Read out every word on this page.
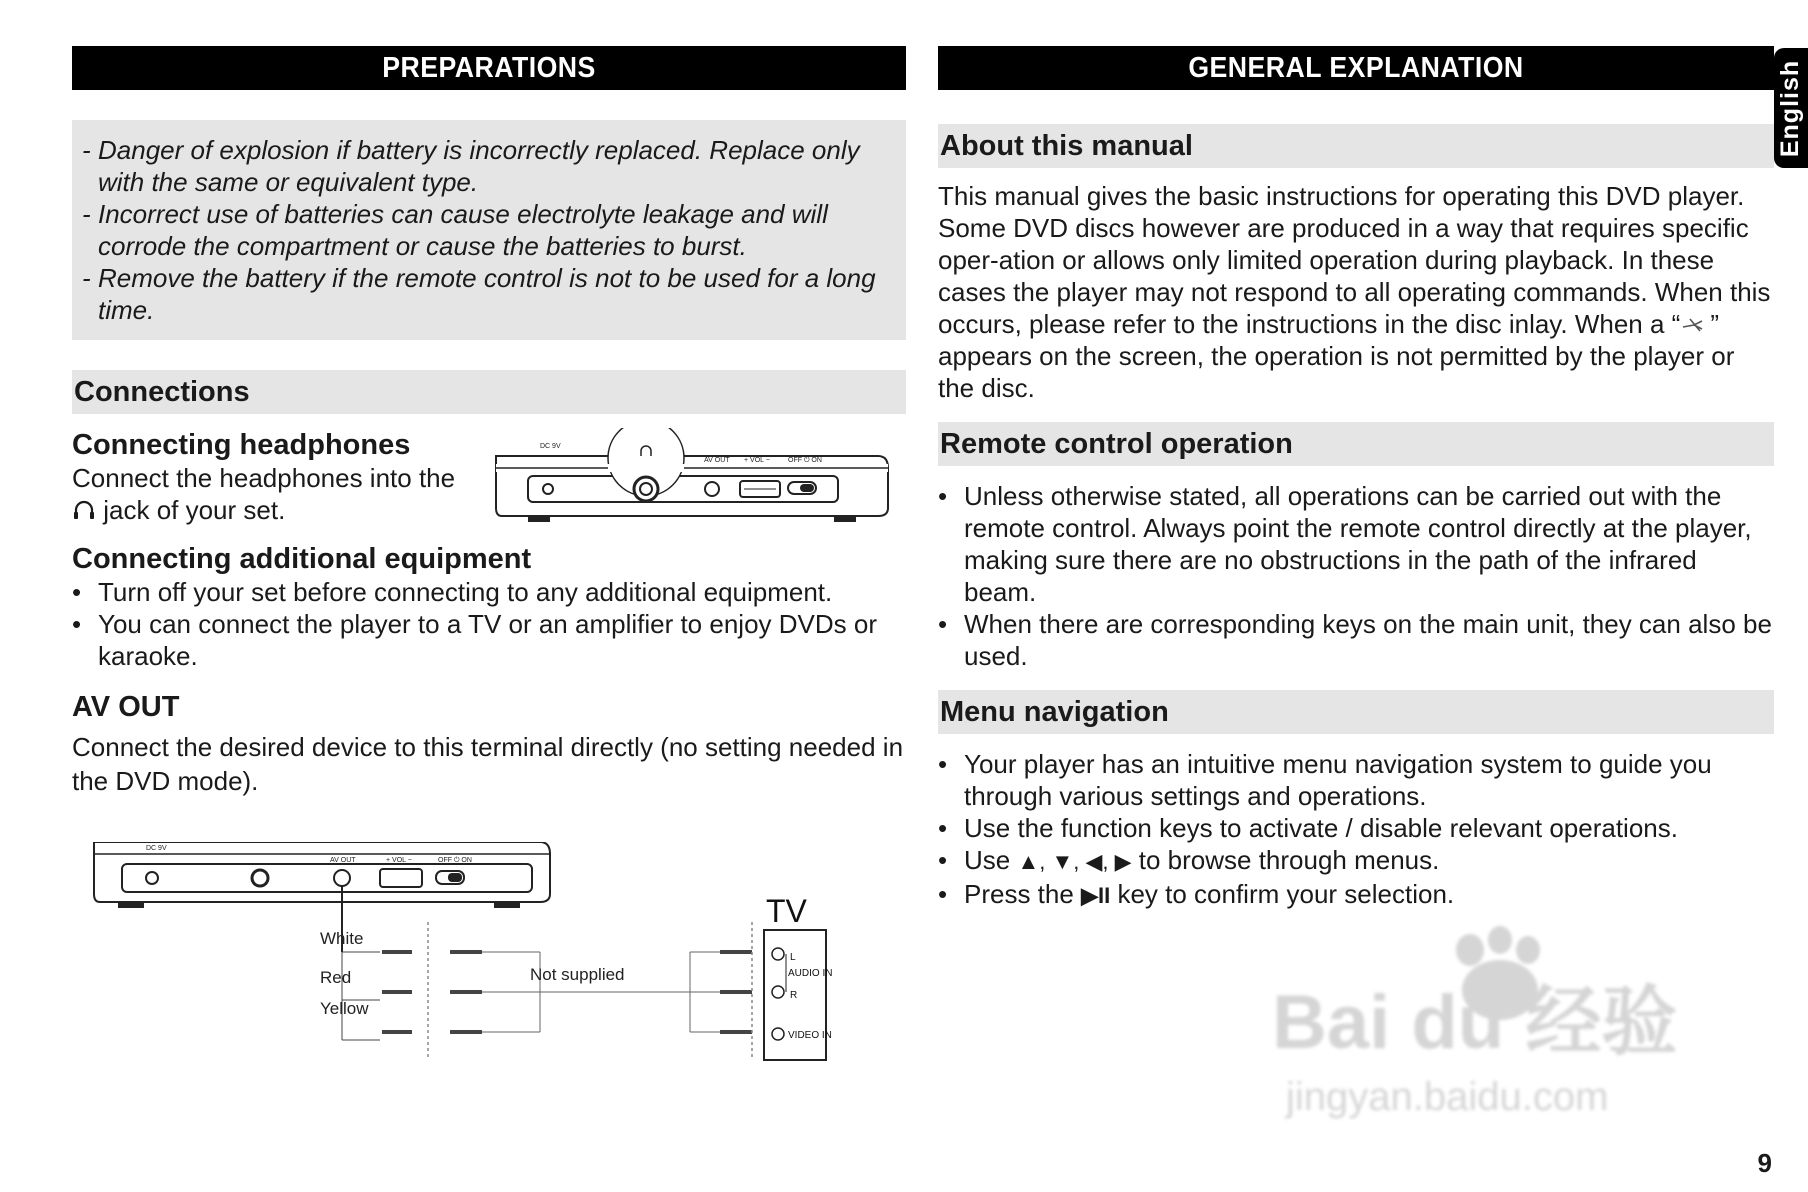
PREPARATIONS
- Danger of explosion if battery is incorrectly replaced. Replace only with the same or equivalent type.
- Incorrect use of batteries can cause electrolyte leakage and will corrode the compartment or cause the batteries to burst.
- Remove the battery if the remote control is not to be used for a long time.
Connections

Connecting headphones

Connect the headphones into the  jack of your set.

DC 9V
AV OUT + VOL −	OFF ⏻ ON

Connecting additional equipment

• Turn off your set before connecting to any additional equipment.
• You can connect the player to a TV or an amplifier to enjoy DVDs or karaoke.

AV OUT

Connect the desired device to this terminal directly (no setting needed in the DVD mode).

DC 9V
AV OUT	+ VOL −	OFF ⏻ ON
TV
L
AUDIO IN
R
VIDEO IN
White
Red
Yellow
Not supplied
GENERAL EXPLANATION
About this manual

This manual gives the basic instructions for operating this DVD player. Some DVD discs however are produced in a way that requires specific oper-ation or allows only limited operation during playback. In these cases the player may not respond to all operating commands. When this occurs, please refer to the instructions in the disc inlay. When a “ ” appears on the screen, the operation is not permitted by the player or the disc.

Remote control operation
• Unless otherwise stated, all operations can be carried out with the remote control. Always point the remote control directly at the player, making sure there are no obstructions in the path of the infrared beam.
• When there are corresponding keys on the main unit, they can also be used.
Menu navigation
• Your player has an intuitive menu navigation system to guide you through various settings and operations.
• Use the function keys to activate / disable relevant operations.
• Use ▲, ▼, ◀, ▶ to browse through menus.
• Press the ▶II key to confirm your selection.
English
Bai du 经验
jingyan.baidu.com
9
